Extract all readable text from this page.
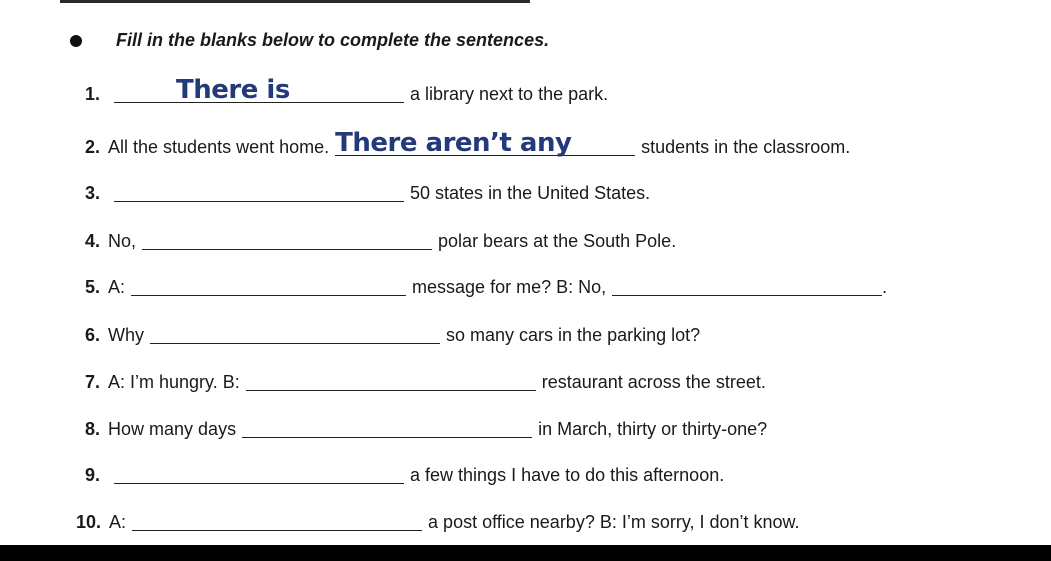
Fill in the blanks below to complete the sentences.
1.	There is	a library next to the park.
2. All the students went home. There aren’t any	students in the classroom.
3.	50 states in the United States.
4. No,	polar bears at the South Pole.
5. A:	message for me? B: No,	.
6. Why	so many cars in the parking lot?
7. A: I’m hungry. B:	restaurant across the street.
8. How many days	in March, thirty or thirty-one?
9.	a few things I have to do this afternoon.
10. A:	a post office nearby? B: I’m sorry, I don’t know.
